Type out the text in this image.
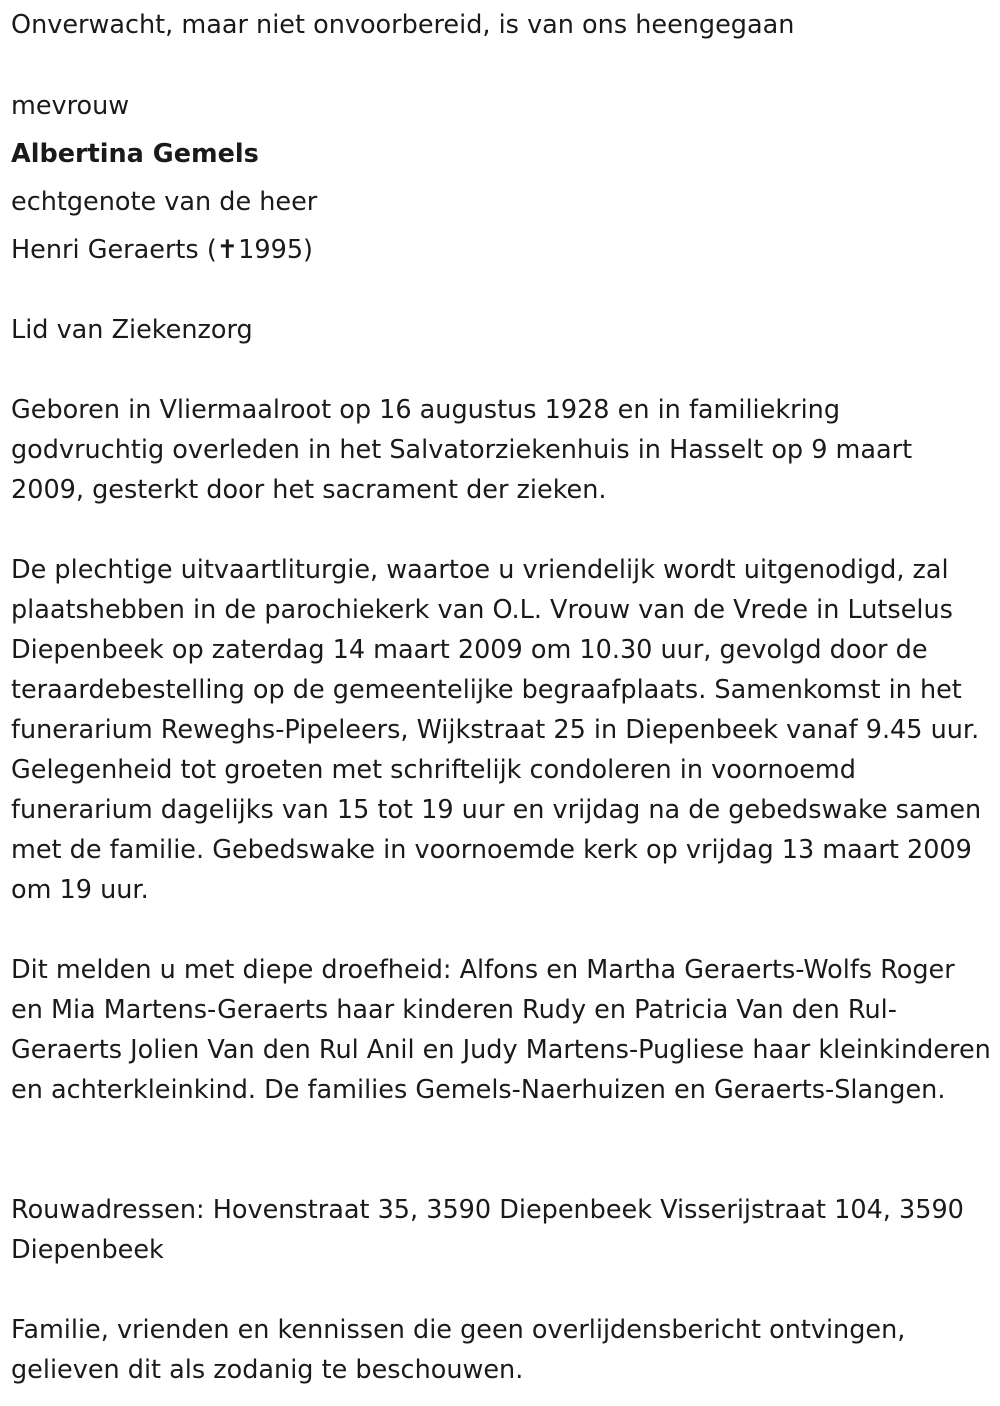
Onverwacht, maar niet onvoorbereid, is van ons heengegaan

mevrouw

Albertina Gemels

echtgenote van de heer

Henri Geraerts (✝1995)

Lid van Ziekenzorg

Geboren in Vliermaalroot op 16 augustus 1928 en in familiekring godvruchtig overleden in het Salvatorziekenhuis in Hasselt op 9 maart 2009, gesterkt door het sacrament der zieken.

De plechtige uitvaartliturgie, waartoe u vriendelijk wordt uitgenodigd, zal plaatshebben in de parochiekerk van O.L. Vrouw van de Vrede in Lutselus Diepenbeek op zaterdag 14 maart 2009 om 10.30 uur, gevolgd door de teraardebestelling op de gemeentelijke begraafplaats. Samenkomst in het funerarium Reweghs-Pipeleers, Wijkstraat 25 in Diepenbeek vanaf 9.45 uur. Gelegenheid tot groeten met schriftelijk condoleren in voornoemd funerarium dagelijks van 15 tot 19 uur en vrijdag na de gebedswake samen met de familie. Gebedswake in voornoemde kerk op vrijdag 13 maart 2009 om 19 uur.

Dit melden u met diepe droefheid: Alfons en Martha Geraerts-Wolfs Roger en Mia Martens-Geraerts haar kinderen Rudy en Patricia Van den Rul-Geraerts Jolien Van den Rul Anil en Judy Martens-Pugliese haar kleinkinderen en achterkleinkind. De families Gemels-Naerhuizen en Geraerts-Slangen.

Rouwadressen: Hovenstraat 35, 3590 Diepenbeek Visserijstraat 104, 3590 Diepenbeek

Familie, vrienden en kennissen die geen overlijdensbericht ontvingen, gelieven dit als zodanig te beschouwen.
